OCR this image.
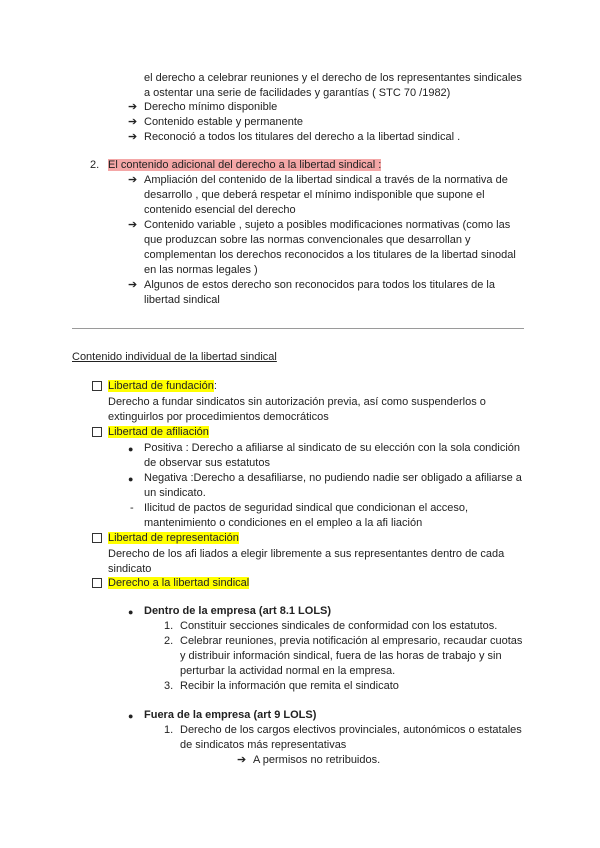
el derecho a celebrar reuniones y el derecho de los representantes sindicales
a ostentar una serie de facilidades y garantías ( STC 70 /1982)
➔ Derecho mínimo disponible
➔ Contenido estable y permanente
➔ Reconoció a todos los titulares del derecho a la libertad sindical .
2. El contenido adicional del derecho a la libertad sindical :
➔ Ampliación del contenido de la libertad sindical a través de la normativa de
desarrollo , que deberá respetar el mínimo indisponible que supone el
contenido esencial del derecho
➔ Contenido variable , sujeto a posibles modificaciones normativas (como las
que produzcan sobre las normas convencionales que desarrollan y
complementan los derechos reconocidos a los titulares de la libertad sinodal
en las normas legales )
➔ Algunos de estos derecho son reconocidos para todos los titulares de la
libertad sindical
Contenido individual de la libertad sindical
Libertad de fundación:
Derecho a fundar sindicatos sin autorización previa, así como suspenderlos o
extinguirlos por procedimientos democráticos
Libertad de afiliación
● Positiva : Derecho a afiliarse al sindicato de su elección con la sola condición
de observar sus estatutos
● Negativa :Derecho a desafiliarse, no pudiendo nadie ser obligado a afiliarse a
un sindicato.
- Ilicitud de pactos de seguridad sindical que condicionan el acceso,
mantenimiento o condiciones en el empleo a la afi liación
Libertad de representación
Derecho de los afi liados a elegir libremente a sus representantes dentro de cada
sindicato
Derecho a la libertad sindical
● Dentro de la empresa (art 8.1 LOLS)
1. Constituir secciones sindicales de conformidad con los estatutos.
2. Celebrar reuniones, previa notificación al empresario, recaudar cuotas
y distribuir información sindical, fuera de las horas de trabajo y sin
perturbar la actividad normal en la empresa.
3. Recibir la información que remita el sindicato
● Fuera de la empresa (art 9 LOLS)
1. Derecho de los cargos electivos provinciales, autonómicos o estatales
de sindicatos más representativas
➔ A permisos no retribuidos.
